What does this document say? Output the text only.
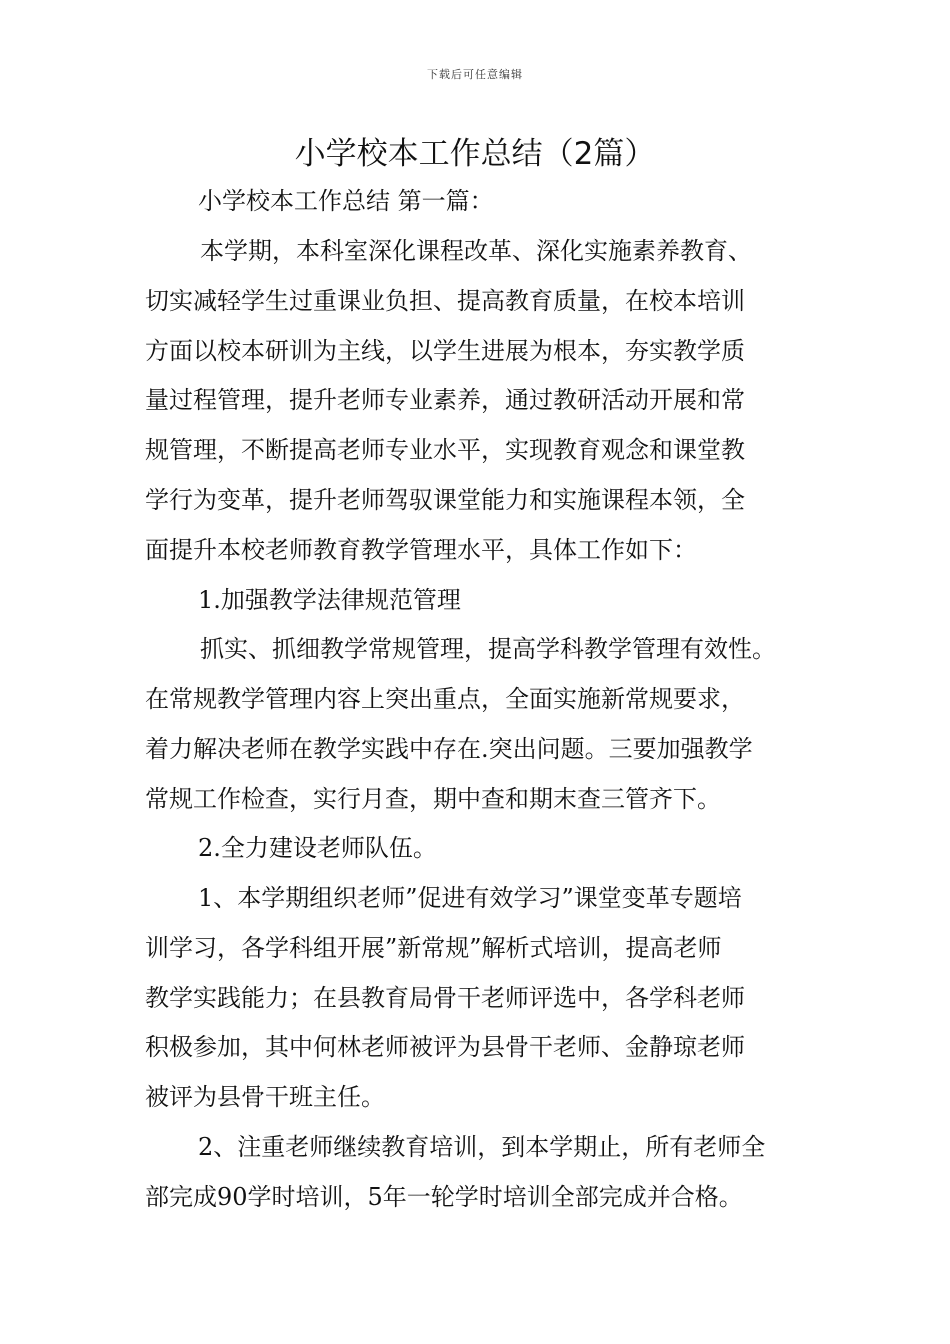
下载后可任意编辑
小学校本工作总结（2篇）
小学校本工作总结 第一篇：
本学期，本科室深化课程改革、深化实施素养教育、
切实减轻学生过重课业负担、提高教育质量，在校本培训
方面以校本研训为主线，以学生进展为根本，夯实教学质
量过程管理，提升老师专业素养，通过教研活动开展和常
规管理，不断提高老师专业水平，实现教育观念和课堂教
学行为变革，提升老师驾驭课堂能力和实施课程本领，全
面提升本校老师教育教学管理水平，具体工作如下：
1.加强教学法律规范管理
抓实、抓细教学常规管理，提高学科教学管理有效性。
在常规教学管理内容上突出重点，全面实施新常规要求，
着力解决老师在教学实践中存在.突出问题。三要加强教学
常规工作检查，实行月查，期中查和期末查三管齐下。
2.全力建设老师队伍。
1、本学期组织老师”促进有效学习”课堂变革专题培
训学习，各学科组开展”新常规”解析式培训，提高老师
教学实践能力；在县教育局骨干老师评选中，各学科老师
积极参加，其中何林老师被评为县骨干老师、金静琼老师
被评为县骨干班主任。
2、注重老师继续教育培训，到本学期止，所有老师全
部完成90学时培训，5年一轮学时培训全部完成并合格。
